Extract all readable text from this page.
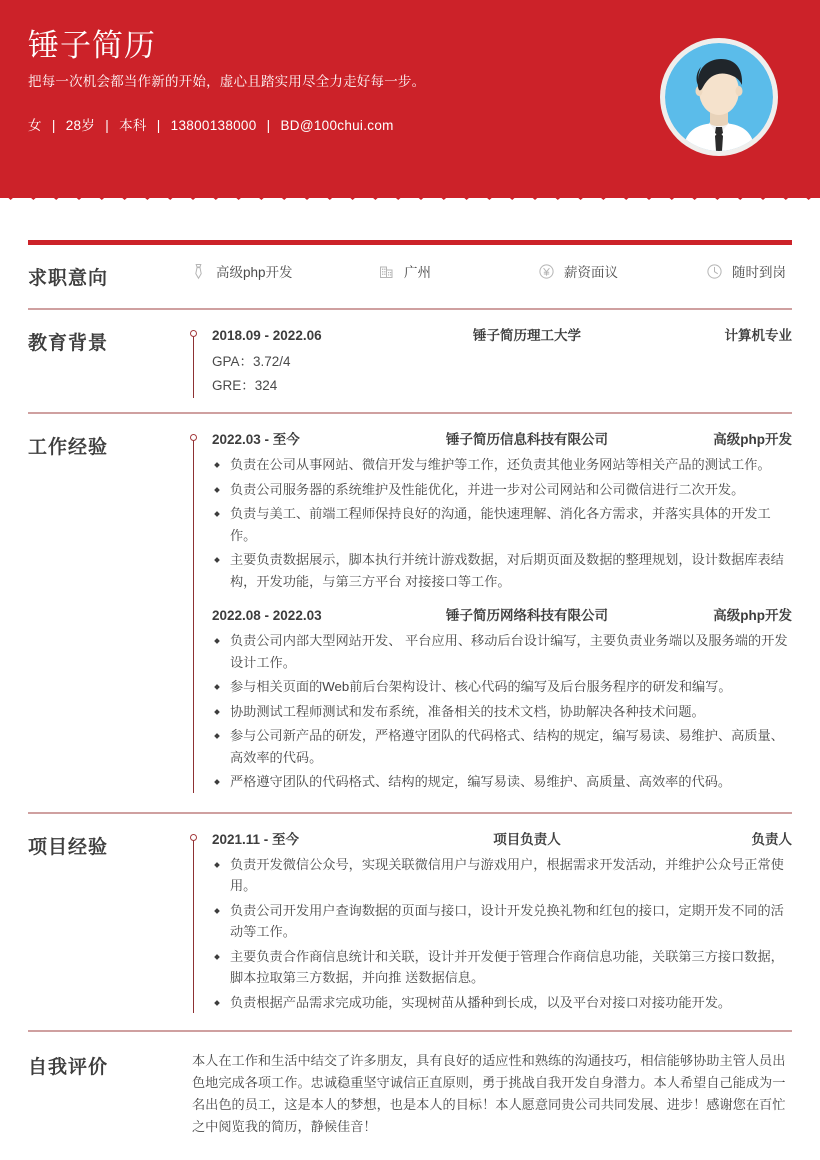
锤子简历

把每一次机会都当作新的开始，虚心且踏实用尽全力走好每一步。

女 | 28岁 | 本科 | 13800138000 | BD@100chui.com
求职意向	高级php开发	广州	薪资面议	随时到岗
教育背景	2018.09 - 2022.06	锤子简历理工大学	计算机专业
GPA：3.72/4
GRE：324
工作经验	2022.03 - 至今	锤子简历信息科技有限公司	高级php开发
负责在公司从事网站、微信开发与维护等工作，还负责其他业务网站等相关产品的测试工作。
负责公司服务器的系统维护及性能优化，并进一步对公司网站和公司微信进行二次开发。
负责与美工、前端工程师保持良好的沟通，能快速理解、消化各方需求，并落实具体的开发工作。
主要负责数据展示，脚本执行并统计游戏数据，对后期页面及数据的整理规划，设计数据库表结构，开发功能，与第三方平台 对接接口等工作。
2022.08 - 2022.03	锤子简历网络科技有限公司	高级php开发
负责公司内部大型网站开发、 平台应用、移动后台设计编写，主要负责业务端以及服务端的开发设计工作。
参与相关页面的Web前后台架构设计、核心代码的编写及后台服务程序的研发和编写。
协助测试工程师测试和发布系统，准备相关的技术文档，协助解决各种技术问题。
参与公司新产品的研发，严格遵守团队的代码格式、结构的规定，编写易读、易维护、高质量、高效率的代码。
严格遵守团队的代码格式、结构的规定，编写易读、易维护、高质量、高效率的代码。
项目经验	2021.11 - 至今	项目负责人	负责人
负责开发微信公众号，实现关联微信用户与游戏用户，根据需求开发活动，并维护公众号正常使用。
负责公司开发用户查询数据的页面与接口，设计开发兑换礼物和红包的接口，定期开发不同的活动等工作。
主要负责合作商信息统计和关联，设计并开发便于管理合作商信息功能，关联第三方接口数据，脚本拉取第三方数据，并向推 送数据信息。
负责根据产品需求完成功能，实现树苗从播种到长成，以及平台对接口对接功能开发。
自我评价	本人在工作和生活中结交了许多朋友，具有良好的适应性和熟练的沟通技巧，相信能够协助主管人员出色地完成各项工作。忠诚稳重坚守诚信正直原则，勇于挑战自我开发自身潜力。本人希望自己能成为一名出色的员工，这是本人的梦想，也是本人的目标！本人愿意同贵公司共同发展、进步！感谢您在百忙之中阅览我的简历，静候佳音！
